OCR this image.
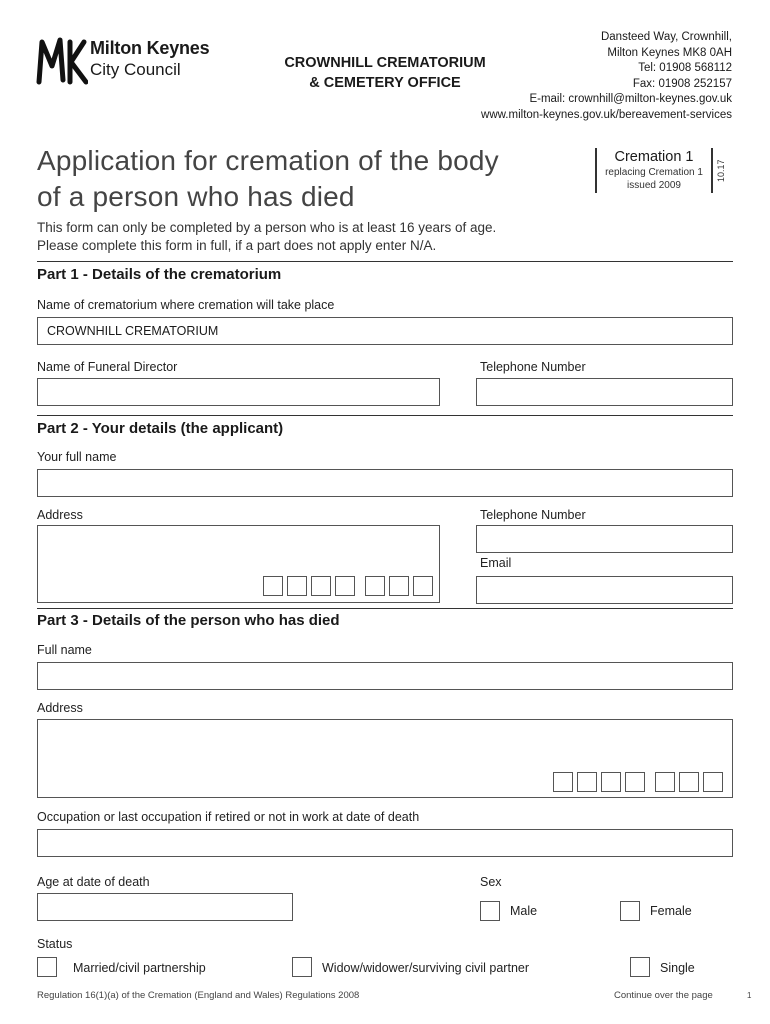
Milton Keynes
City Council	CROWNHILL CREMATORIUM
& CEMETERY OFFICE
Dansteed Way, Crownhill,
Milton Keynes MK8 0AH
Tel: 01908 568112
Fax: 01908 252157
E-mail: crownhill@milton-keynes.gov.uk
www.milton-keynes.gov.uk/bereavement-services
Application for cremation of the body
of a person who has died
Cremation 1
replacing Cremation 1
issued 2009
10.17
This form can only be completed by a person who is at least 16 years of age.
Please complete this form in full, if a part does not apply enter N/A.
Part 1 - Details of the crematorium
Name of crematorium where cremation will take place
CROWNHILL CREMATORIUM
Name of Funeral Director	Telephone Number
Part 2 - Your details (the applicant)
Your full name
Address	Telephone Number
Email
Part 3 - Details of the person who has died
Full name
Address
Occupation or last occupation if retired or not in work at date of death
Age at date of death	Sex
Male	Female
Status
Married/civil partnership	Widow/widower/surviving civil partner	Single
Regulation 16(1)(a) of the Cremation (England and Wales) Regulations 2008	Continue over the page	1
